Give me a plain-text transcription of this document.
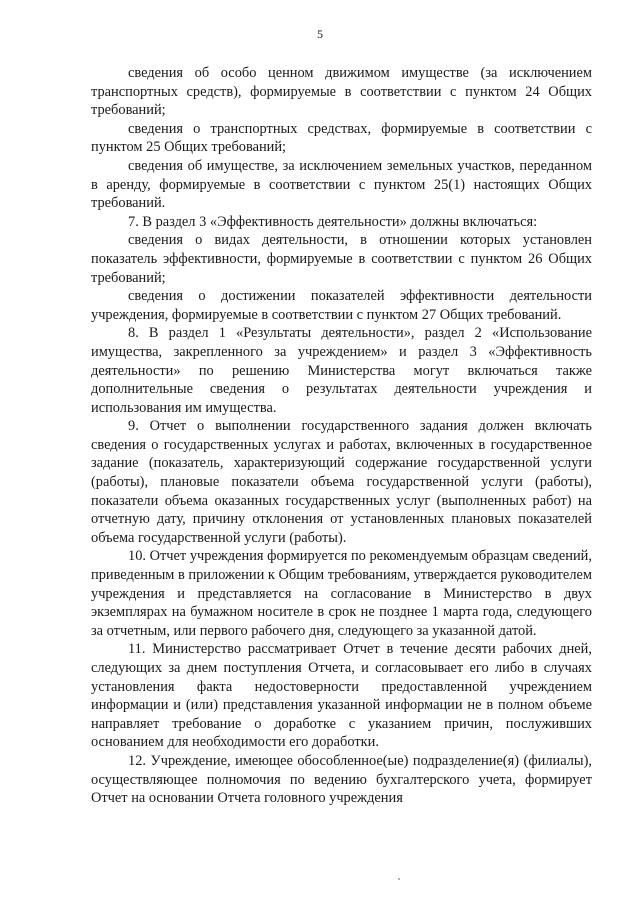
5

сведения об особо ценном движимом имуществе (за исключением транспортных средств), формируемые в соответствии с пунктом 24 Общих требований;

сведения о транспортных средствах, формируемые в соответствии с пунктом 25 Общих требований;

сведения об имуществе, за исключением земельных участков, переданном в аренду, формируемые в соответствии с пунктом 25(1) настоящих Общих требований.

7. В раздел 3 «Эффективность деятельности» должны включаться:

сведения о видах деятельности, в отношении которых установлен показатель эффективности, формируемые в соответствии с пунктом 26 Общих требований;

сведения о достижении показателей эффективности деятельности учреждения, формируемые в соответствии с пунктом 27 Общих требований.

8. В раздел 1 «Результаты деятельности», раздел 2 «Использование имущества, закрепленного за учреждением» и раздел 3 «Эффективность деятельности» по решению Министерства могут включаться также дополнительные сведения о результатах деятельности учреждения и использования им имущества.

9. Отчет о выполнении государственного задания должен включать сведения о государственных услугах и работах, включенных в государственное задание (показатель, характеризующий содержание государственной услуги (работы), плановые показатели объема государственной услуги (работы), показатели объема оказанных государственных услуг (выполненных работ) на отчетную дату, причину отклонения от установленных плановых показателей объема государственной услуги (работы).

10. Отчет учреждения формируется по рекомендуемым образцам сведений, приведенным в приложении к Общим требованиям, утверждается руководителем учреждения и представляется на согласование в Министерство в двух экземплярах на бумажном носителе в срок не позднее 1 марта года, следующего за отчетным, или первого рабочего дня, следующего за указанной датой.

11. Министерство рассматривает Отчет в течение десяти рабочих дней, следующих за днем поступления Отчета, и согласовывает его либо в случаях установления факта недостоверности предоставленной учреждением информации и (или) представления указанной информации не в полном объеме направляет требование о доработке с указанием причин, послуживших основанием для необходимости его доработки.

12. Учреждение, имеющее обособленное(ые) подразделение(я) (филиалы), осуществляющее полномочия по ведению бухгалтерского учета, формирует Отчет на основании Отчета головного учреждения
